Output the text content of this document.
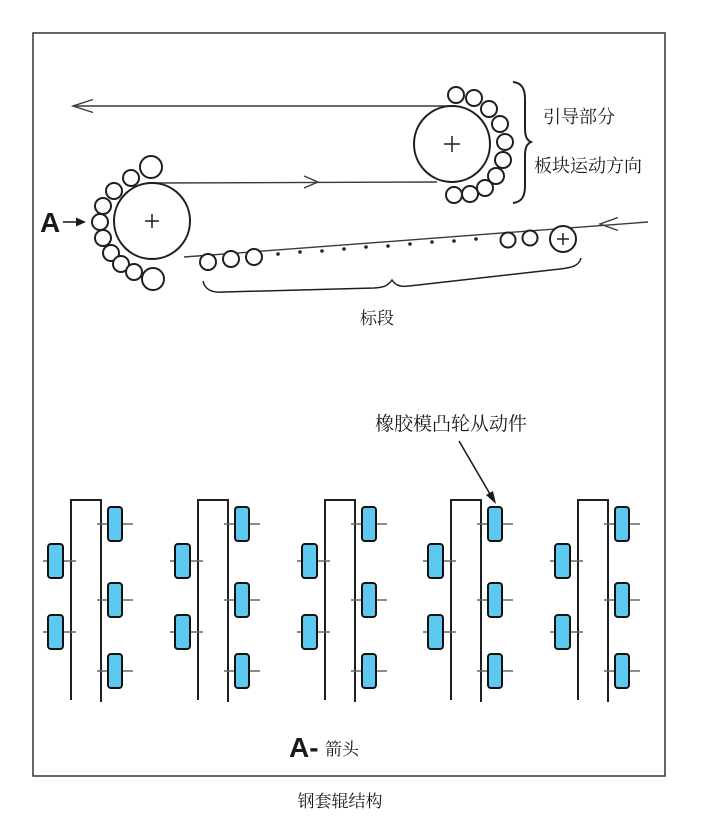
A
引导部分
板块运动方向
标段
橡胶模凸轮从动件
A- 箭头
钢套辊结构
